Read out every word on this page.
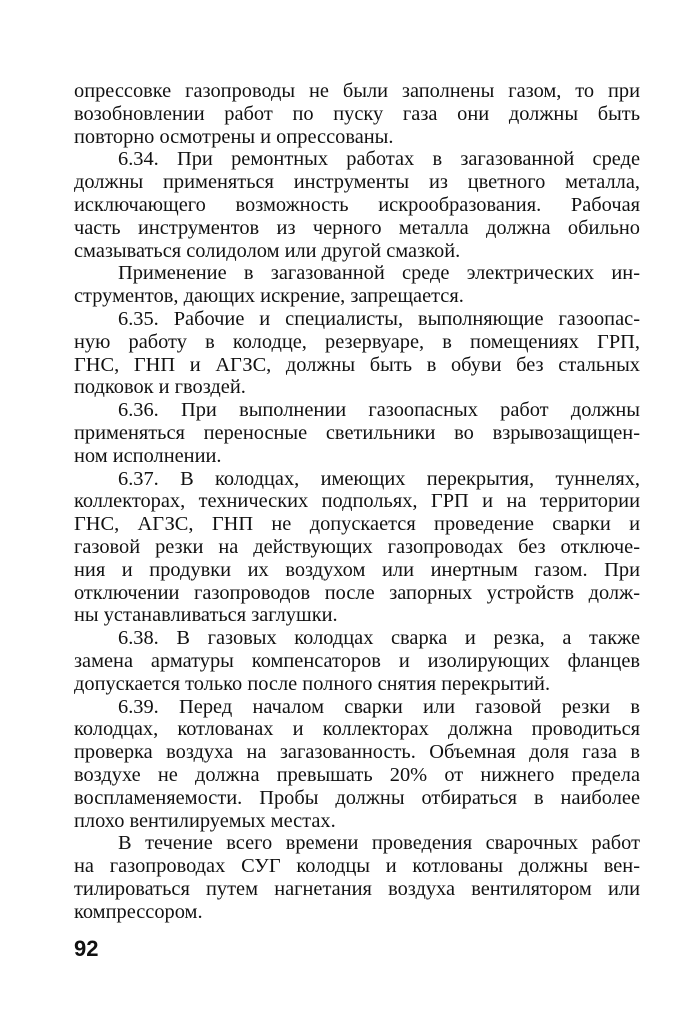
опрессовке газопроводы не были заполнены газом, то при
возобновлении работ по пуску газа они должны быть
повторно осмотрены и опрессованы.
6.34. При ремонтных работах в загазованной среде
должны применяться инструменты из цветного металла,
исключающего возможность искрообразования. Рабочая
часть инструментов из черного металла должна обильно
смазываться солидолом или другой смазкой.
Применение в загазованной среде электрических ин-
струментов, дающих искрение, запрещается.
6.35. Рабочие и специалисты, выполняющие газоопас-
ную работу в колодце, резервуаре, в помещениях ГРП,
ГНС, ГНП и АГЗС, должны быть в обуви без стальных
подковок и гвоздей.
6.36. При выполнении газоопасных работ должны
применяться переносные светильники во взрывозащищен-
ном исполнении.
6.37. В колодцах, имеющих перекрытия, туннелях,
коллекторах, технических подпольях, ГРП и на территории
ГНС, АГЗС, ГНП не допускается проведение сварки и
газовой резки на действующих газопроводах без отключе-
ния и продувки их воздухом или инертным газом. При
отключении газопроводов после запорных устройств долж-
ны устанавливаться заглушки.
6.38. В газовых колодцах сварка и резка, а также
замена арматуры компенсаторов и изолирующих фланцев
допускается только после полного снятия перекрытий.
6.39. Перед началом сварки или газовой резки в
колодцах, котлованах и коллекторах должна проводиться
проверка воздуха на загазованность. Объемная доля газа в
воздухе не должна превышать 20% от нижнего предела
воспламеняемости. Пробы должны отбираться в наиболее
плохо вентилируемых местах.
В течение всего времени проведения сварочных работ
на газопроводах СУГ колодцы и котлованы должны вен-
тилироваться путем нагнетания воздуха вентилятором или
компрессором.
92
